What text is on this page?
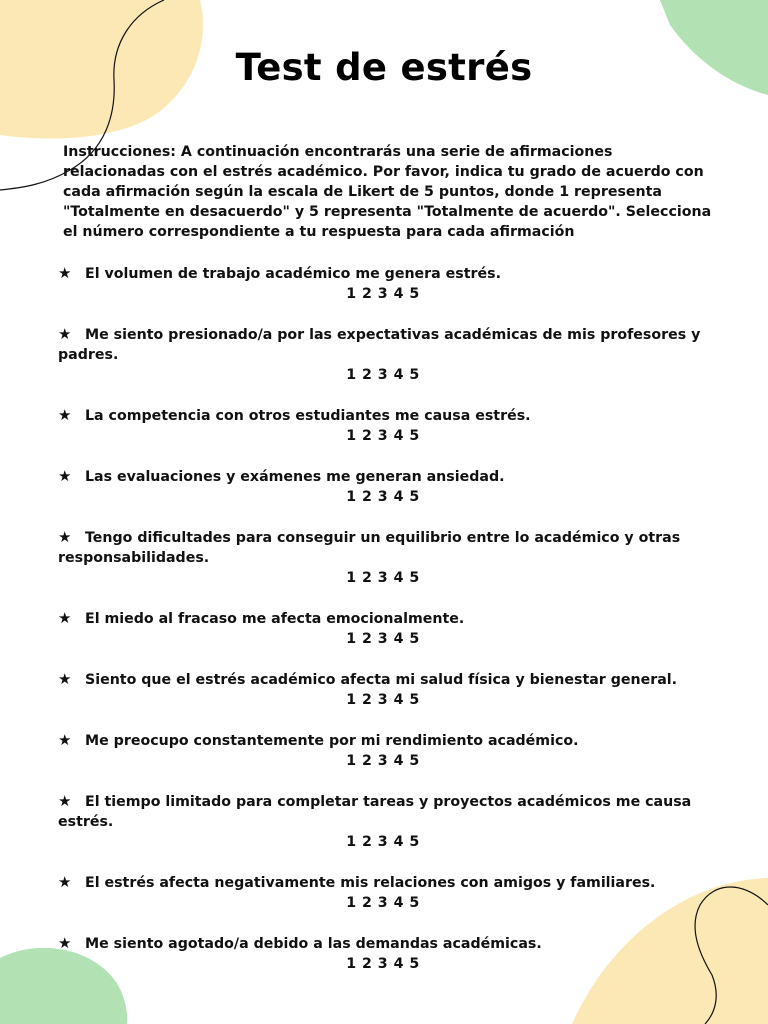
Test de estrés

Instrucciones: A continuación encontrarás una serie de afirmaciones relacionadas con el estrés académico. Por favor, indica tu grado de acuerdo con cada afirmación según la escala de Likert de 5 puntos, donde 1 representa "Totalmente en desacuerdo" y 5 representa "Totalmente de acuerdo". Selecciona el número correspondiente a tu respuesta para cada afirmación

★ El volumen de trabajo académico me genera estrés.

1 2 3 4 5

★ Me siento presionado/a por las expectativas académicas de mis profesores y padres.

1 2 3 4 5

★ La competencia con otros estudiantes me causa estrés.

1 2 3 4 5

★ Las evaluaciones y exámenes me generan ansiedad.

1 2 3 4 5

★ Tengo dificultades para conseguir un equilibrio entre lo académico y otras responsabilidades.

1 2 3 4 5

★ El miedo al fracaso me afecta emocionalmente.

1 2 3 4 5

★ Siento que el estrés académico afecta mi salud física y bienestar general.

1 2 3 4 5

★ Me preocupo constantemente por mi rendimiento académico.

1 2 3 4 5

★ El tiempo limitado para completar tareas y proyectos académicos me causa estrés.

1 2 3 4 5

★ El estrés afecta negativamente mis relaciones con amigos y familiares.

1 2 3 4 5

★ Me siento agotado/a debido a las demandas académicas.

1 2 3 4 5
